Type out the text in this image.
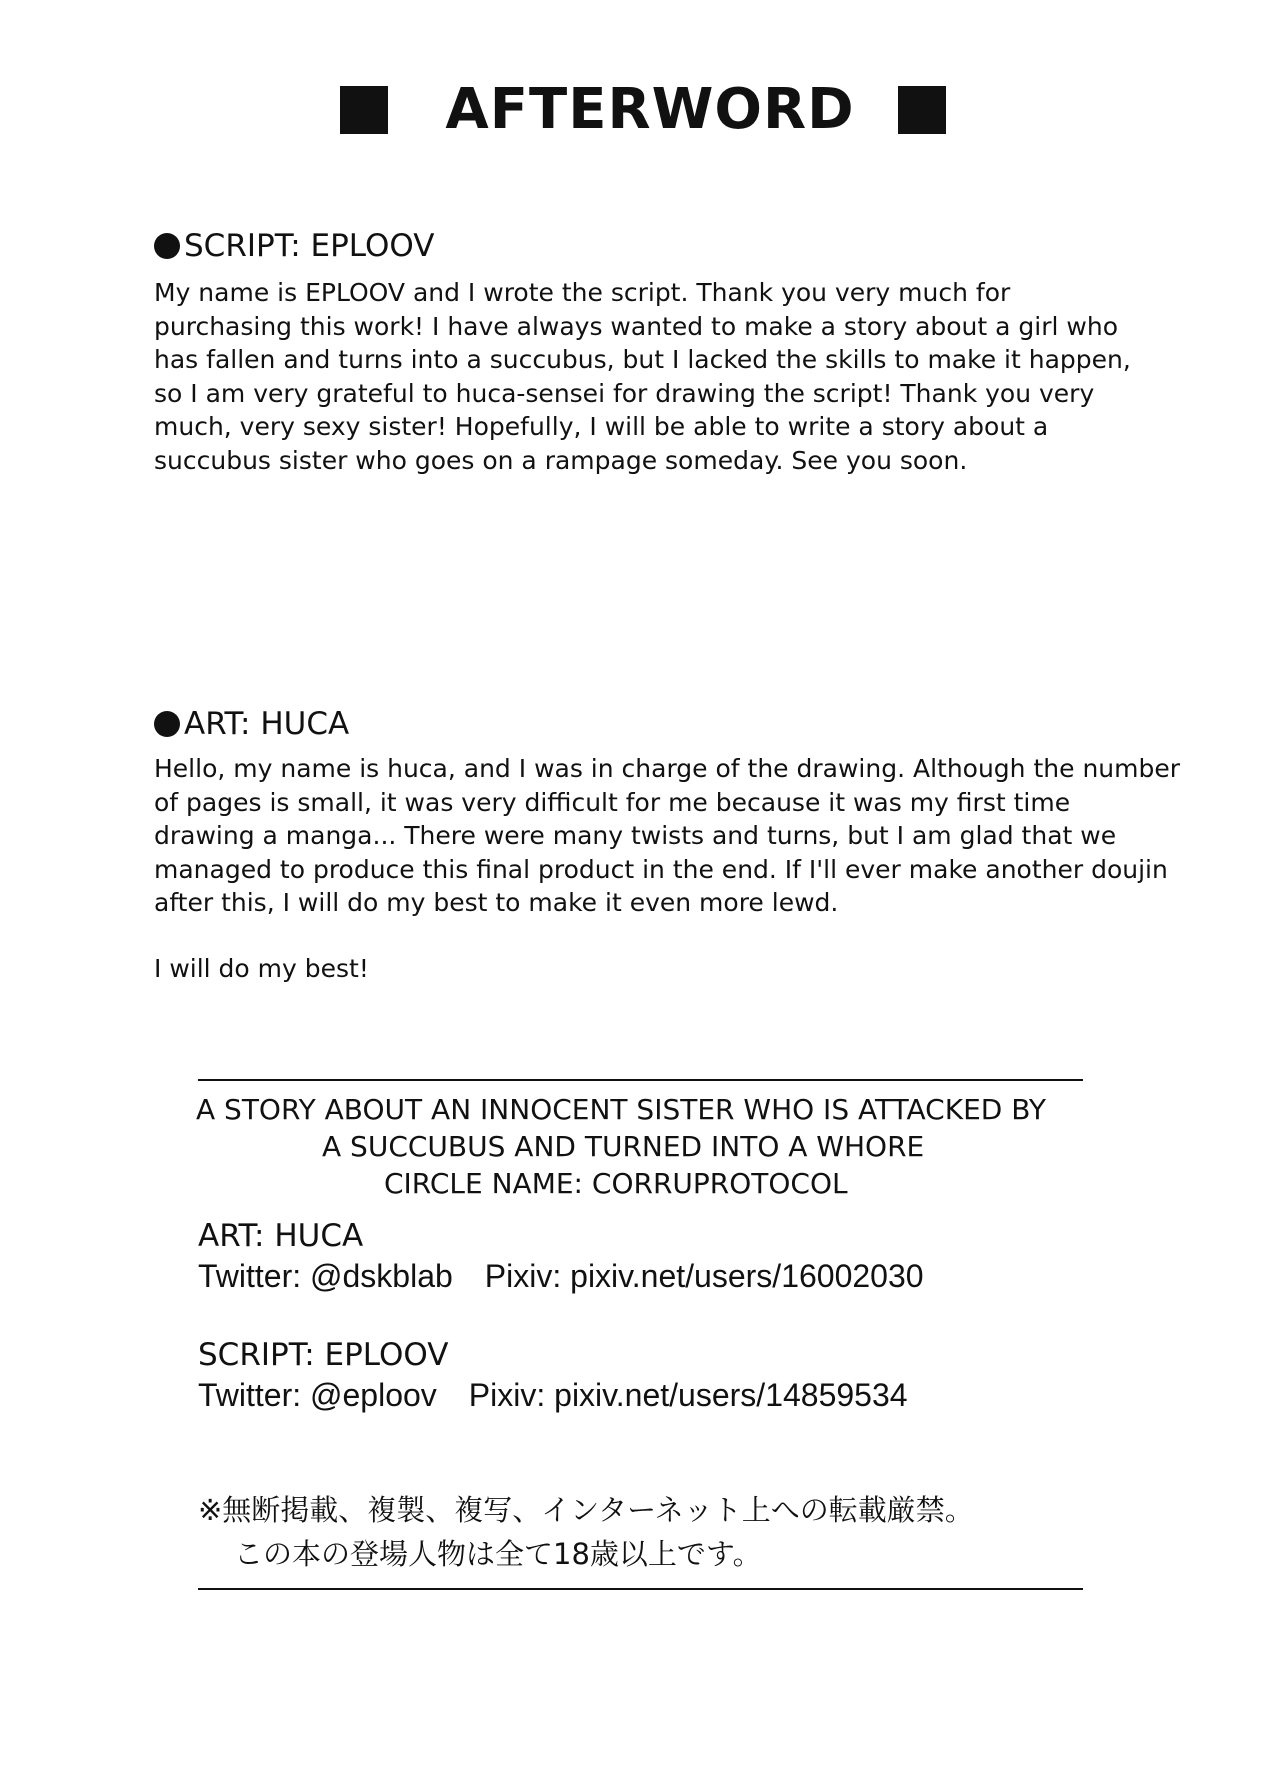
AFTERWORD
SCRIPT: EPLOOV
My name is EPLOOV and I wrote the script. Thank you very much for
purchasing this work! I have always wanted to make a story about a girl who
has fallen and turns into a succubus, but I lacked the skills to make it happen,
so I am very grateful to huca-sensei for drawing the script! Thank you very
much, very sexy sister! Hopefully, I will be able to write a story about a
succubus sister who goes on a rampage someday. See you soon.
ART: HUCA
Hello, my name is huca, and I was in charge of the drawing. Although the number
of pages is small, it was very difficult for me because it was my first time
drawing a manga... There were many twists and turns, but I am glad that we
managed to produce this final product in the end. If I'll ever make another doujin
after this, I will do my best to make it even more lewd.
I will do my best!
A STORY ABOUT AN INNOCENT SISTER WHO IS ATTACKED BY
A SUCCUBUS AND TURNED INTO A WHORE
CIRCLE NAME: CORRUPROTOCOL
ART: HUCA
Twitter: @dskblab Pixiv: pixiv.net/users/16002030
SCRIPT: EPLOOV
Twitter: @eploov Pixiv: pixiv.net/users/14859534
※無断掲載、複製、複写、インターネット上への転載厳禁。
この本の登場人物は全て18歳以上です。
